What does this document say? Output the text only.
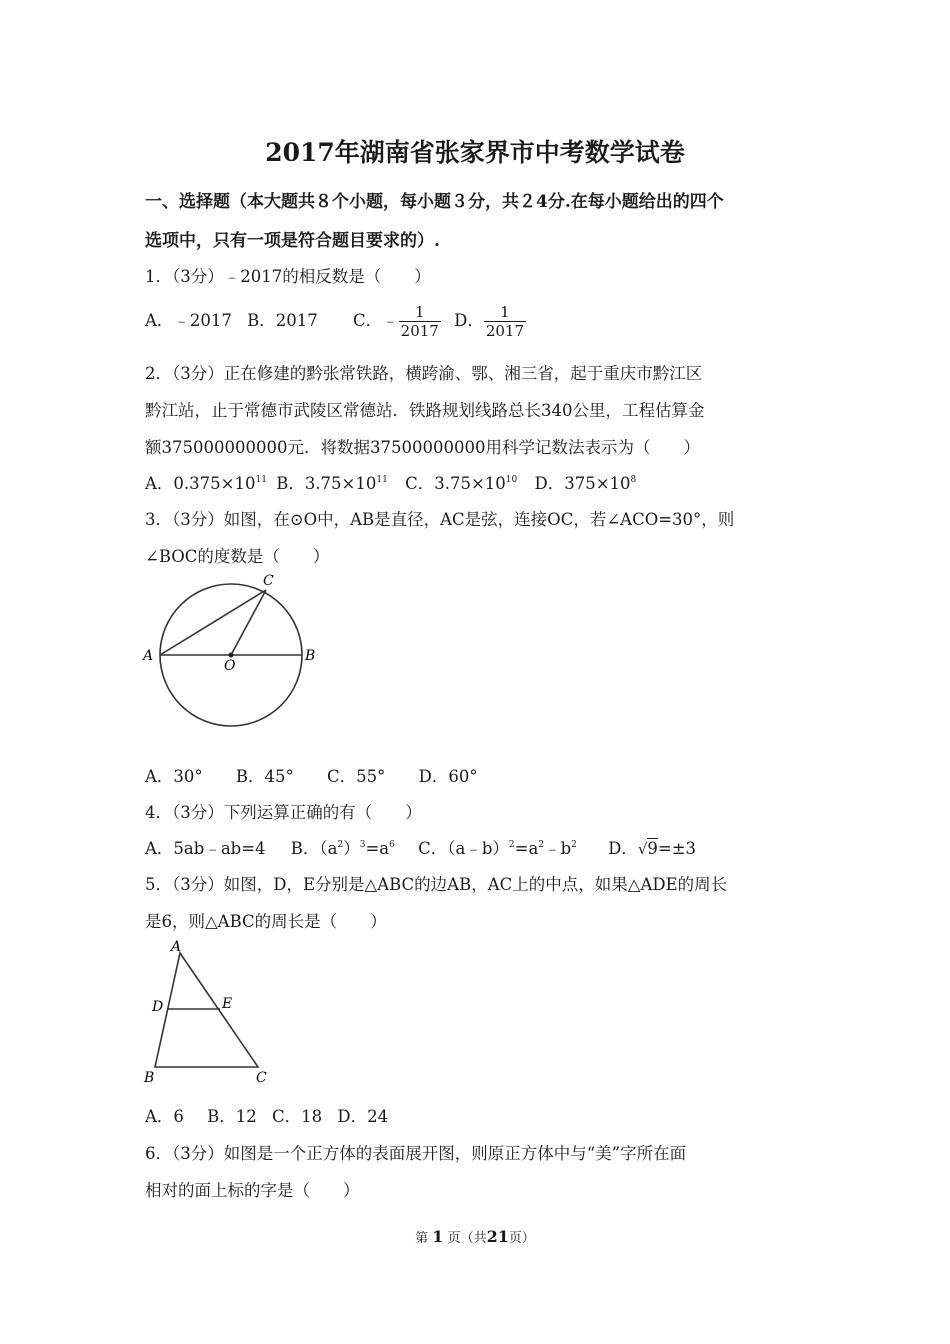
2017年湖南省张家界市中考数学试卷
一、选择题（本大题共８个小题，每小题３分，共２4分.在每小题给出的四个
选项中，只有一项是符合题目要求的）.
1．（3分）﹣2017的相反数是（　　）
A．﹣2017 B．2017 C．﹣ $\frac{1}{2017}$ D． $\frac{1}{2017}$
2．（3分）正在修建的黔张常铁路，横跨渝、鄂、湘三省，起于重庆市黔江区
黔江站，止于常德市武陵区常德站．铁路规划线路总长340公里，工程估算金
额375000000000元．将数据37500000000用科学记数法表示为（　　）
A．$0.375\times 10^{11}$ B．$3.75\times 10^{11}$ C．$3.75\times 10^{10}$ D．$375\times 10^8$
3．（3分）如图，在⊙O中，AB是直径，AC是弦，连接OC，若∠ACO=30°，则
∠BOC的度数是（　　）
A	B
C
O
A．30° B．45° C．55° D．60°
4．（3分）下列运算正确的有（　　）
A．5ab﹣ab=4 B．$(a^2)^3=a^6$ C．$(a﹣b)^2=a^2﹣b^2$ D．√9=±3
5．（3分）如图，D，E分别是△ABC的边AB，AC上的中点，如果△ADE的周长
是6，则△ABC的周长是（　　）
A
B	C
D	E
A．6 B．12 C．18 D．24
6．（3分）如图是一个正方体的表面展开图，则原正方体中与“美”字所在面
相对的面上标的字是（　　）
第 1 页（共21页）
